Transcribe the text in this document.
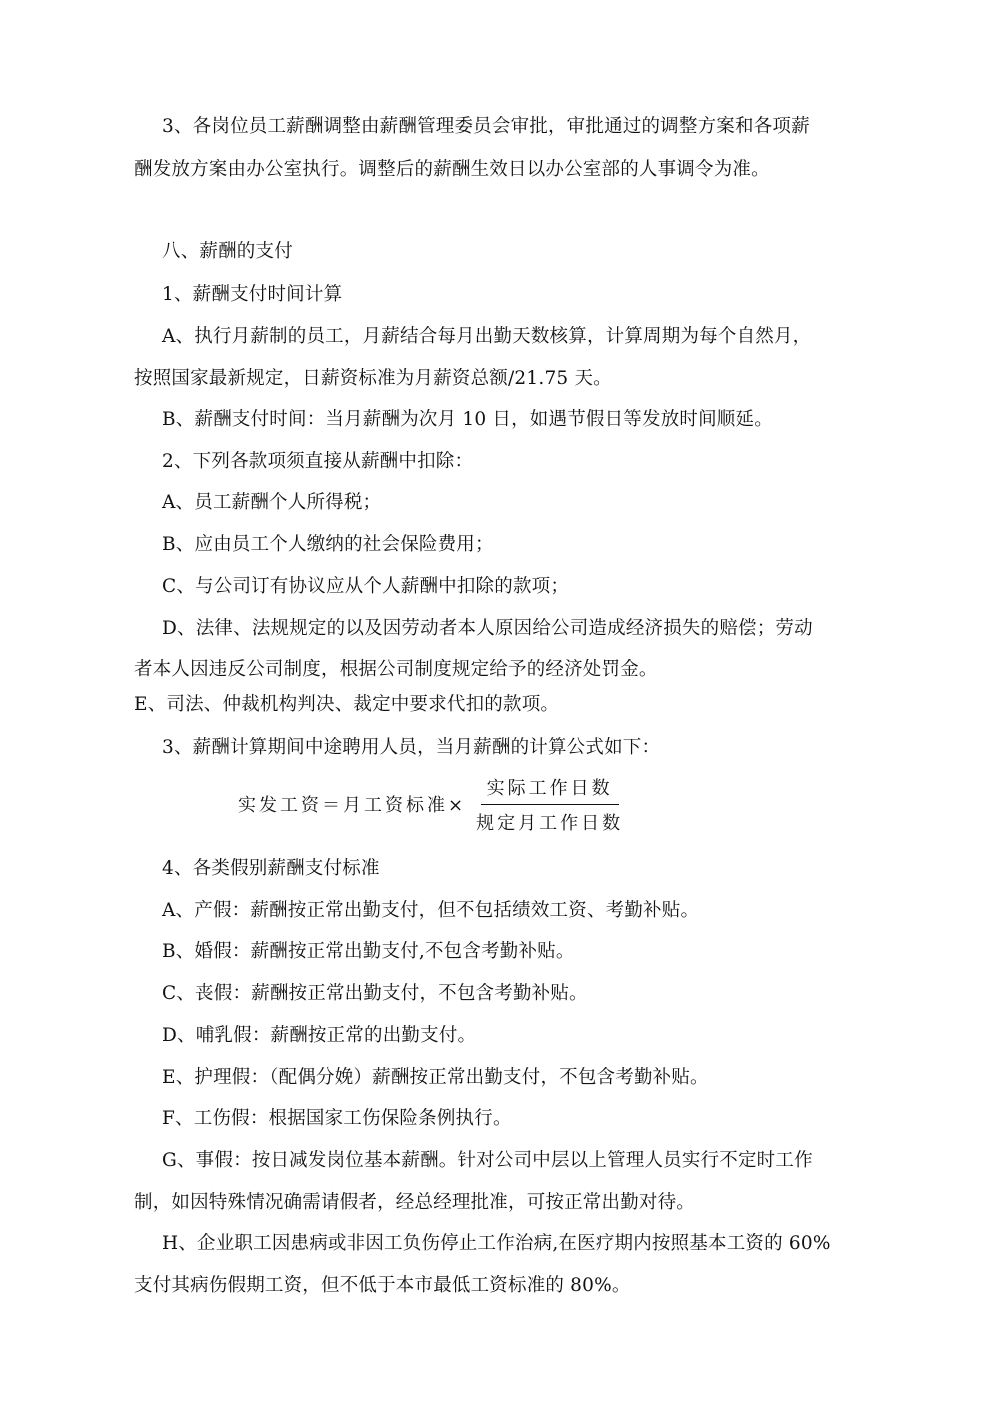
3、各岗位员工薪酬调整由薪酬管理委员会审批，审批通过的调整方案和各项薪
酬发放方案由办公室执行。调整后的薪酬生效日以办公室部的人事调令为准。
八、薪酬的支付
1、薪酬支付时间计算
A、执行月薪制的员工，月薪结合每月出勤天数核算，计算周期为每个自然月，
按照国家最新规定，日薪资标准为月薪资总额/21.75 天。
B、薪酬支付时间：当月薪酬为次月 10 日，如遇节假日等发放时间顺延。
2、下列各款项须直接从薪酬中扣除：
A、员工薪酬个人所得税；
B、应由员工个人缴纳的社会保险费用；
C、与公司订有协议应从个人薪酬中扣除的款项；
D、法律、法规规定的以及因劳动者本人原因给公司造成经济损失的赔偿；劳动
者本人因违反公司制度，根据公司制度规定给予的经济处罚金。
E、司法、仲裁机构判决、裁定中要求代扣的款项。
3、薪酬计算期间中途聘用人员，当月薪酬的计算公式如下：
实发工资＝月工资标准× $\frac{\text{实际工作日数}}{\text{规定月工作日数}}$
4、各类假别薪酬支付标准
A、产假：薪酬按正常出勤支付，但不包括绩效工资、考勤补贴。
B、婚假：薪酬按正常出勤支付,不包含考勤补贴。
C、丧假：薪酬按正常出勤支付，不包含考勤补贴。
D、哺乳假：薪酬按正常的出勤支付。
E、护理假：（配偶分娩）薪酬按正常出勤支付，不包含考勤补贴。
F、工伤假：根据国家工伤保险条例执行。
G、事假：按日减发岗位基本薪酬。针对公司中层以上管理人员实行不定时工作
制，如因特殊情况确需请假者，经总经理批准，可按正常出勤对待。
H、企业职工因患病或非因工负伤停止工作治病,在医疗期内按照基本工资的 60%
支付其病伤假期工资，但不低于本市最低工资标准的 80%。
